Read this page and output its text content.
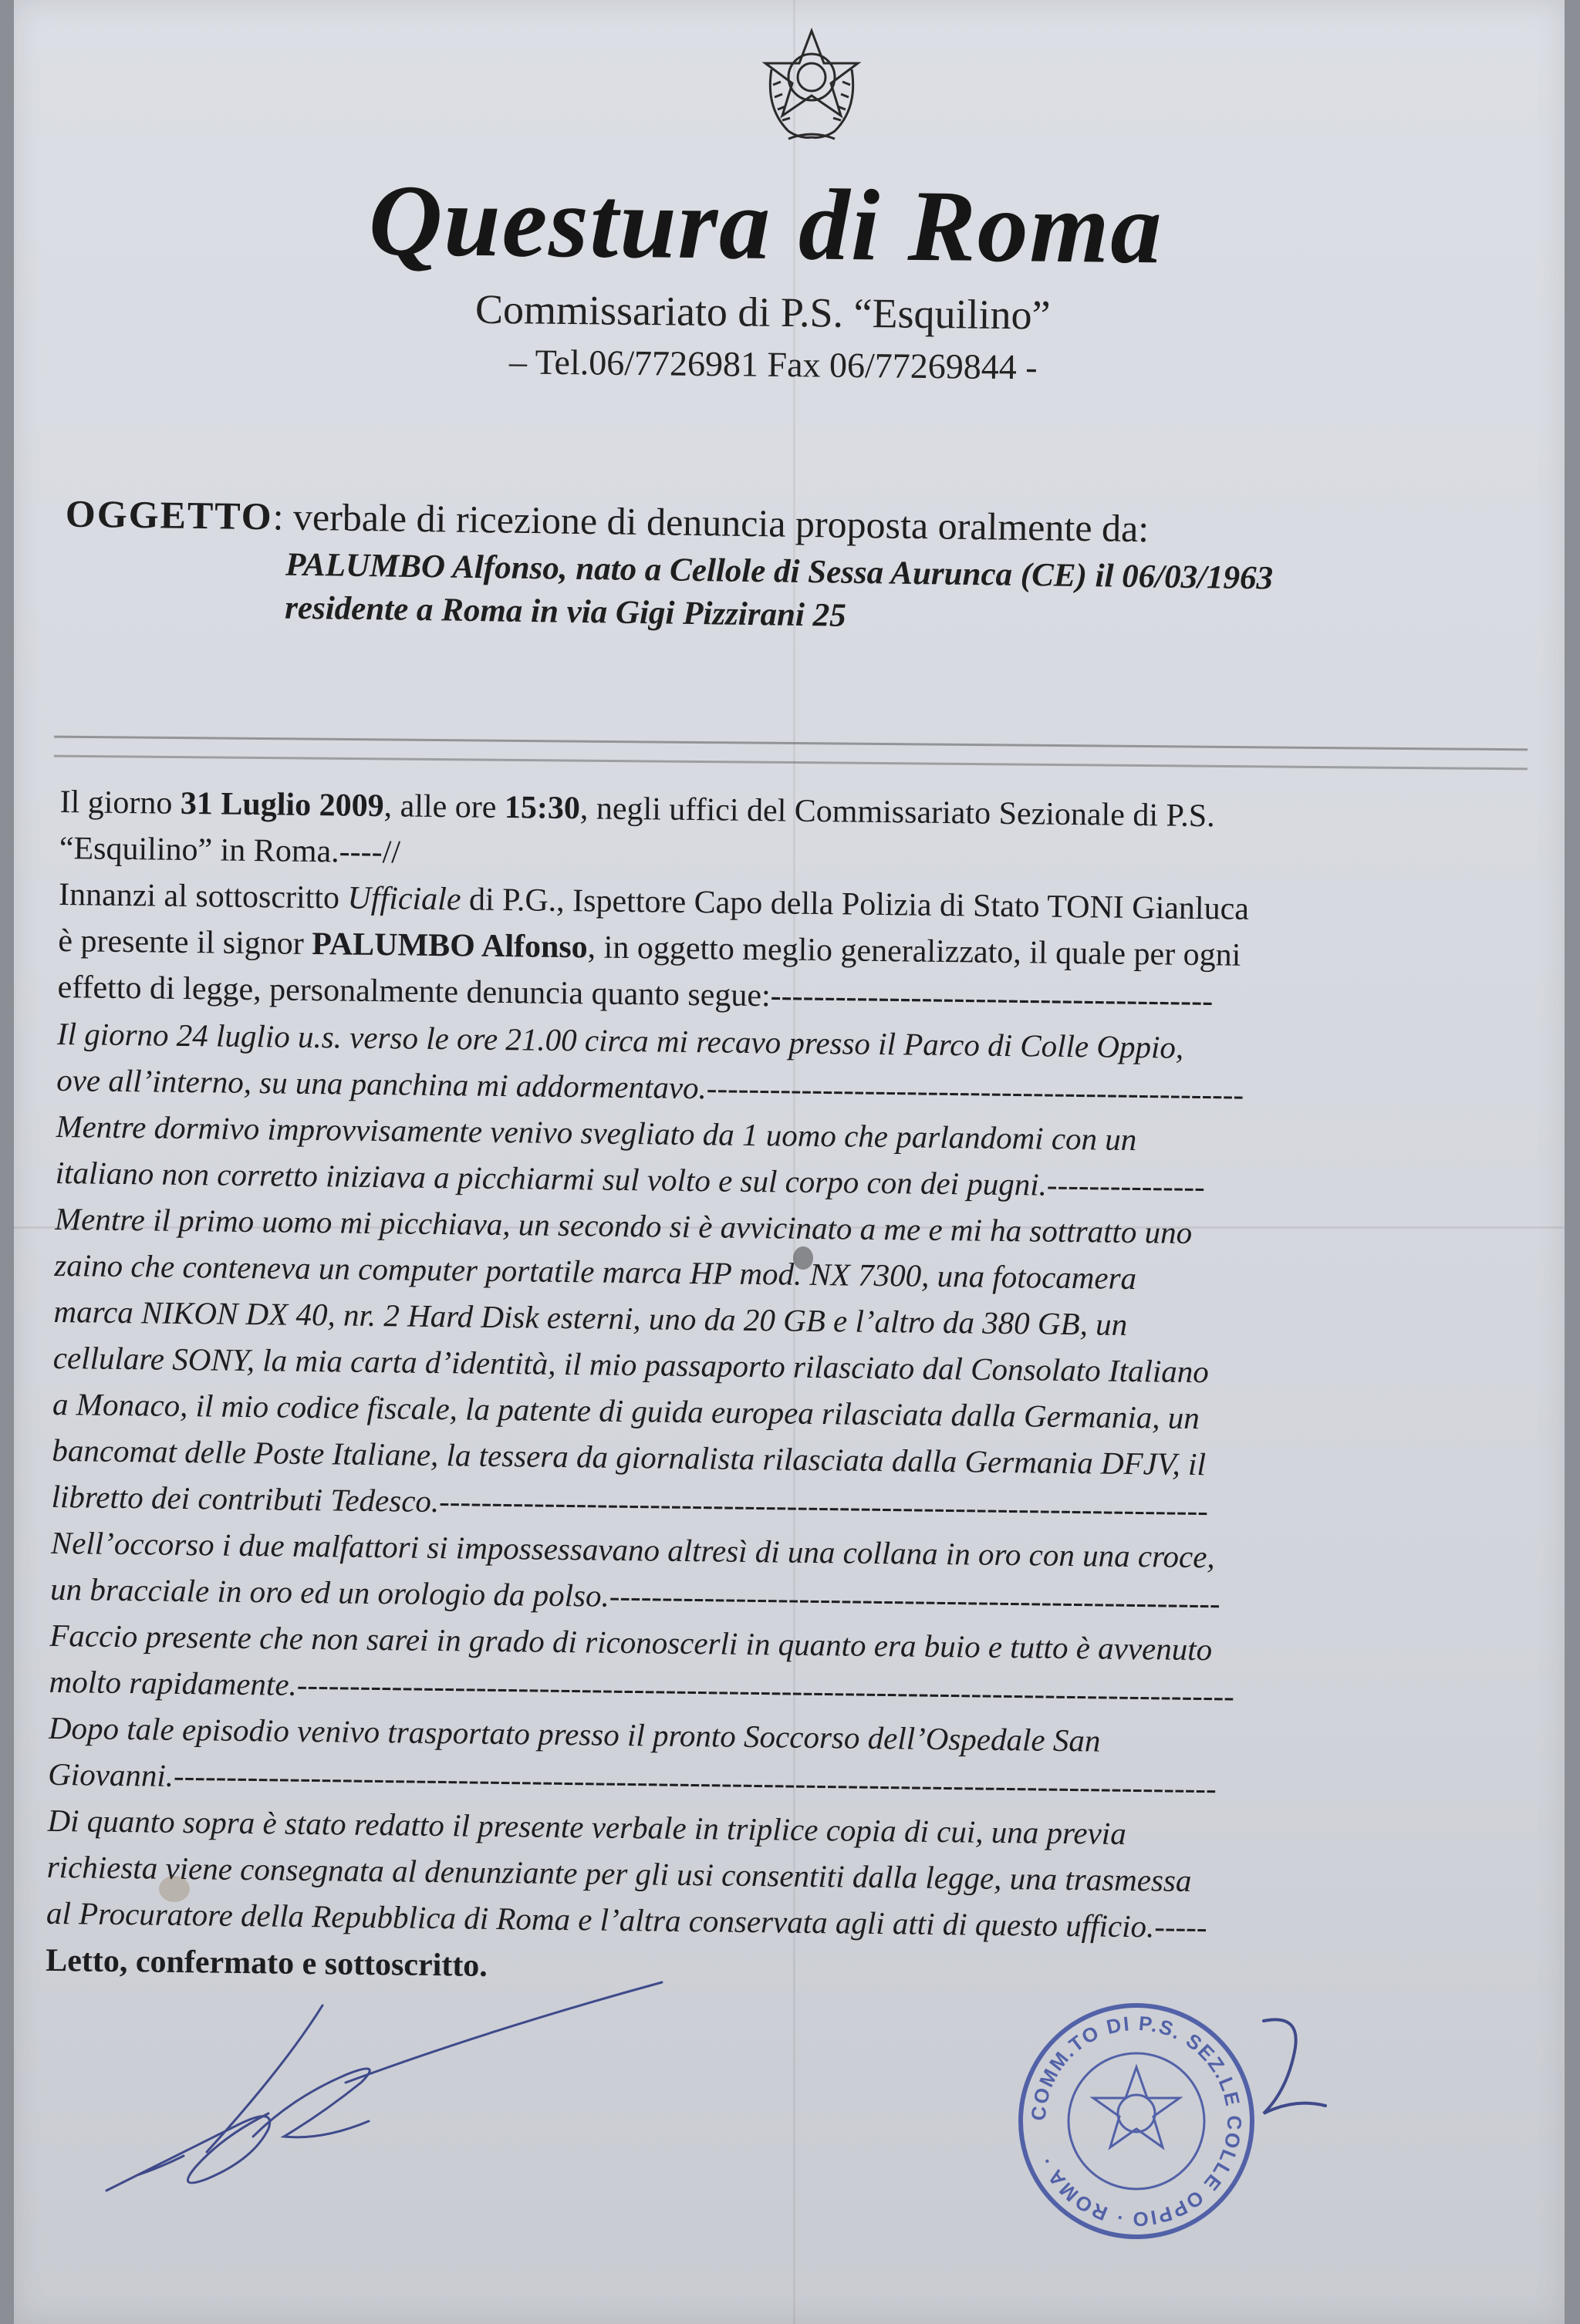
Questura di Roma
Commissariato di P.S. “Esquilino”
– Tel.06/7726981 Fax 06/77269844 -
OGGETTO: verbale di ricezione di denuncia proposta oralmente da:
PALUMBO Alfonso, nato a Cellole di Sessa Aurunca (CE) il 06/03/1963
residente a Roma in via Gigi Pizzirani 25
Il giorno 31 Luglio 2009, alle ore 15:30, negli uffici del Commissariato Sezionale di P.S.
“Esquilino” in Roma.----//
Innanzi al sottoscritto Ufficiale di P.G., Ispettore Capo della Polizia di Stato TONI Gianluca
è presente il signor PALUMBO Alfonso, in oggetto meglio generalizzato, il quale per ogni
effetto di legge, personalmente denuncia quanto segue:-----------------------------------------
Il giorno 24 luglio u.s. verso le ore 21.00 circa mi recavo presso il Parco di Colle Oppio,
ove all’interno, su una panchina mi addormentavo.---------------------------------------------------
Mentre dormivo improvvisamente venivo svegliato da 1 uomo che parlandomi con un
italiano non corretto iniziava a picchiarmi sul volto e sul corpo con dei pugni.---------------
Mentre il primo uomo mi picchiava, un secondo si è avvicinato a me e mi ha sottratto uno
zaino che conteneva un computer portatile marca HP mod. NX 7300, una fotocamera
marca NIKON DX 40, nr. 2 Hard Disk esterni, uno da 20 GB e l’altro da 380 GB, un
cellulare SONY, la mia carta d’identità, il mio passaporto rilasciato dal Consolato Italiano
a Monaco, il mio codice fiscale, la patente di guida europea rilasciata dalla Germania, un
bancomat delle Poste Italiane, la tessera da giornalista rilasciata dalla Germania DFJV, il
libretto dei contributi Tedesco.-------------------------------------------------------------------------
Nell’occorso i due malfattori si impossessavano altresì di una collana in oro con una croce,
un bracciale in oro ed un orologio da polso.----------------------------------------------------------
Faccio presente che non sarei in grado di riconoscerli in quanto era buio e tutto è avvenuto
molto rapidamente.-----------------------------------------------------------------------------------------
Dopo tale episodio venivo trasportato presso il pronto Soccorso dell’Ospedale San
Giovanni.---------------------------------------------------------------------------------------------------
Di quanto sopra è stato redatto il presente verbale in triplice copia di cui, una previa
richiesta viene consegnata al denunziante per gli usi consentiti dalla legge, una trasmessa
al Procuratore della Repubblica di Roma e l’altra conservata agli atti di questo ufficio.-----
Letto, confermato e sottoscritto.
COMM.TO DI P.S. SEZ.LE COLLE OPPIO · ROMA ·
